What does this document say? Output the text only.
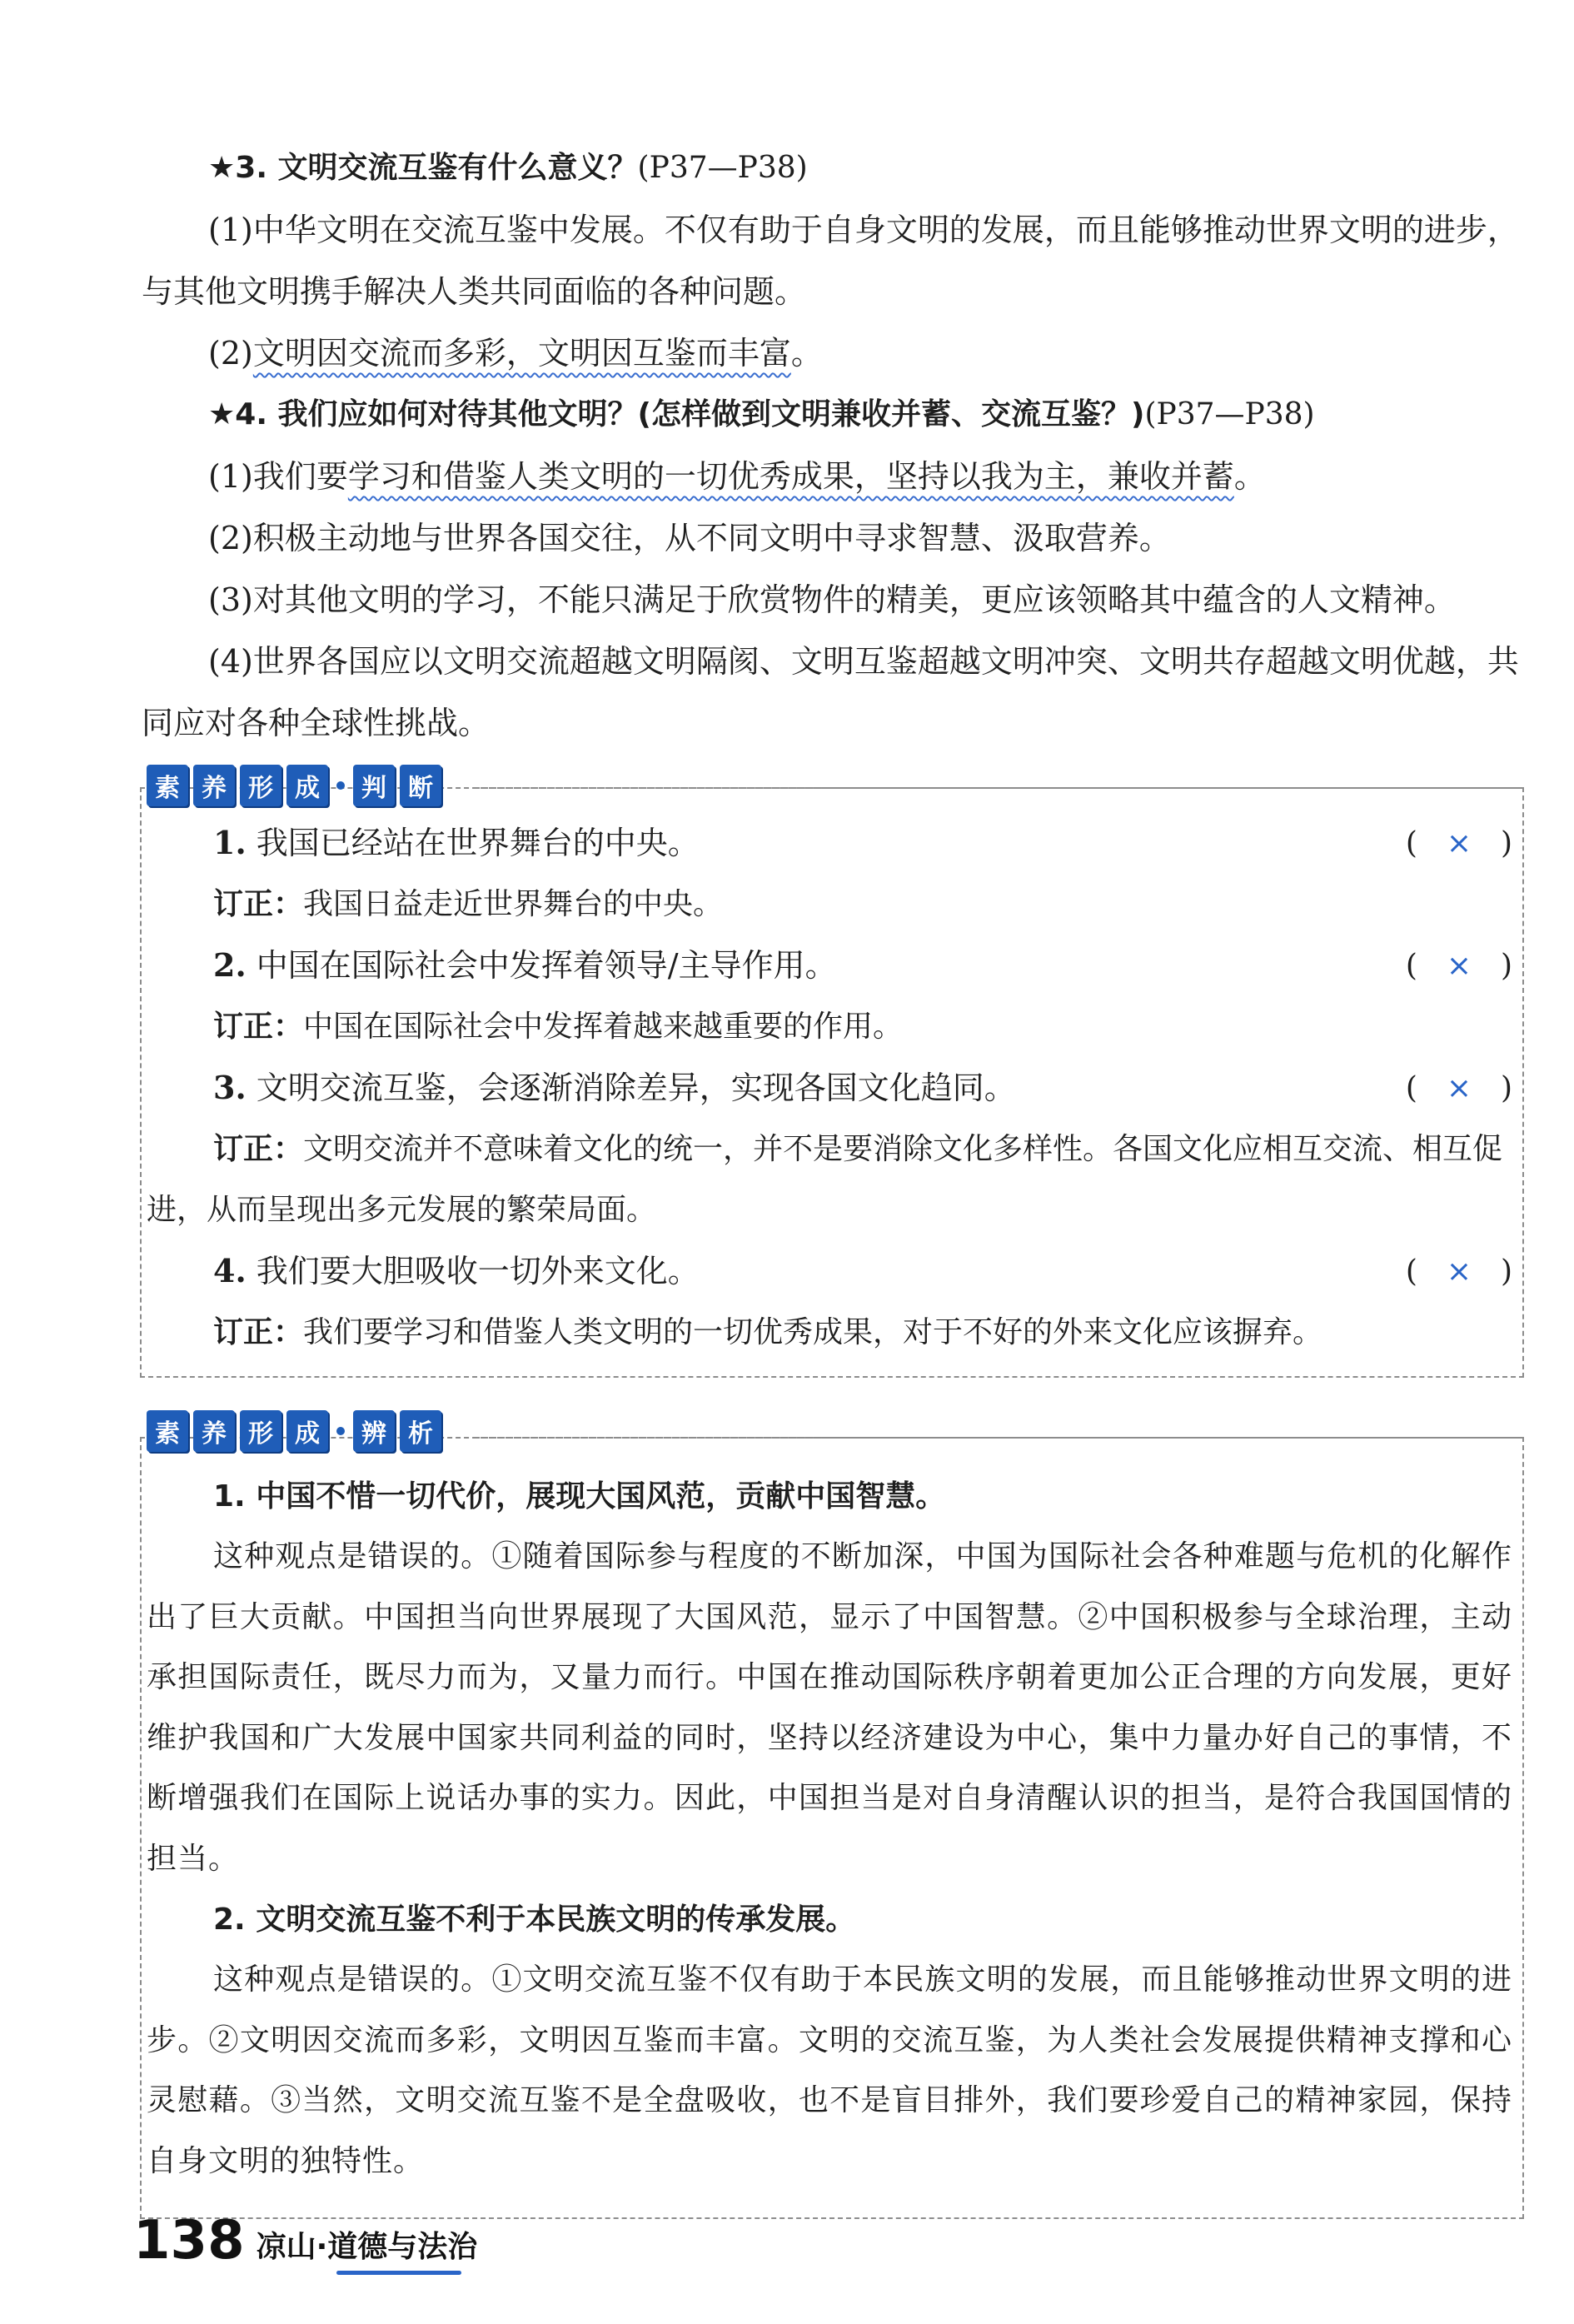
★3. 文明交流互鉴有什么意义？(P37—P38)

(1)中华文明在交流互鉴中发展。不仅有助于自身文明的发展，而且能够推动世界文明的进步，与其他文明携手解决人类共同面临的各种问题。

(2)文明因交流而多彩，文明因互鉴而丰富。

★4. 我们应如何对待其他文明？(怎样做到文明兼收并蓄、交流互鉴？)(P37—P38)

(1)我们要学习和借鉴人类文明的一切优秀成果，坚持以我为主，兼收并蓄。

(2)积极主动地与世界各国交往，从不同文明中寻求智慧、汲取营养。

(3)对其他文明的学习，不能只满足于欣赏物件的精美，更应该领略其中蕴含的人文精神。

(4)世界各国应以文明交流超越文明隔阂、文明互鉴超越文明冲突、文明共存超越文明优越，共同应对各种全球性挑战。

素 养 形 成	判 断
1. 我国已经站在世界舞台的中央。	( × )

订正：我国日益走近世界舞台的中央。

2. 中国在国际社会中发挥着领导/主导作用。	( × )

订正：中国在国际社会中发挥着越来越重要的作用。

3. 文明交流互鉴，会逐渐消除差异，实现各国文化趋同。	( × )

订正：文明交流并不意味着文化的统一，并不是要消除文化多样性。各国文化应相互交流、相互促进，从而呈现出多元发展的繁荣局面。

4. 我们要大胆吸收一切外来文化。	( × )

订正：我们要学习和借鉴人类文明的一切优秀成果，对于不好的外来文化应该摒弃。

素 养 形 成	辨 析

1. 中国不惜一切代价，展现大国风范，贡献中国智慧。

这种观点是错误的。①随着国际参与程度的不断加深，中国为国际社会各种难题与危机的化解作出了巨大贡献。中国担当向世界展现了大国风范，显示了中国智慧。②中国积极参与全球治理，主动承担国际责任，既尽力而为，又量力而行。中国在推动国际秩序朝着更加公正合理的方向发展，更好维护我国和广大发展中国家共同利益的同时，坚持以经济建设为中心，集中力量办好自己的事情，不断增强我们在国际上说话办事的实力。因此，中国担当是对自身清醒认识的担当，是符合我国国情的担当。

2. 文明交流互鉴不利于本民族文明的传承发展。

这种观点是错误的。①文明交流互鉴不仅有助于本民族文明的发展，而且能够推动世界文明的进步。②文明因交流而多彩，文明因互鉴而丰富。文明的交流互鉴，为人类社会发展提供精神支撑和心灵慰藉。③当然，文明交流互鉴不是全盘吸收，也不是盲目排外，我们要珍爱自己的精神家园，保持自身文明的独特性。

138 凉山·道德与法治
